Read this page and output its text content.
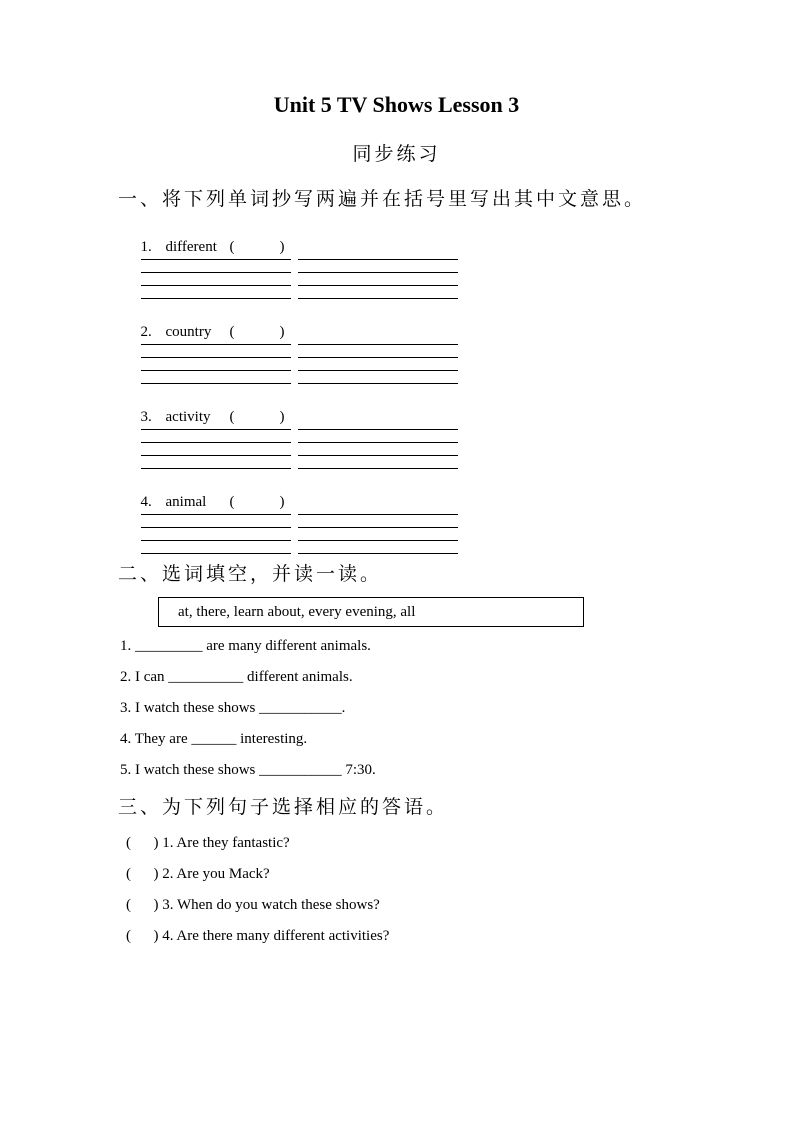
Unit 5 TV Shows Lesson 3
同步练习
一、将下列单词抄写两遍并在括号里写出其中文意思。

1. different (            )

2. country (            )

3. activity (            )

4. animal (            )

二、选词填空，并读一读。
at, there, learn about, every evening, all
1. _________ are many different animals.
2. I can __________ different animals.
3. I watch these shows ___________.
4. They are ______ interesting.
5. I watch these shows ___________ 7:30.
三、为下列句子选择相应的答语。
(      ) 1. Are they fantastic?
(      ) 2. Are you Mack?
(      ) 3. When do you watch these shows?
(      ) 4. Are there many different activities?
